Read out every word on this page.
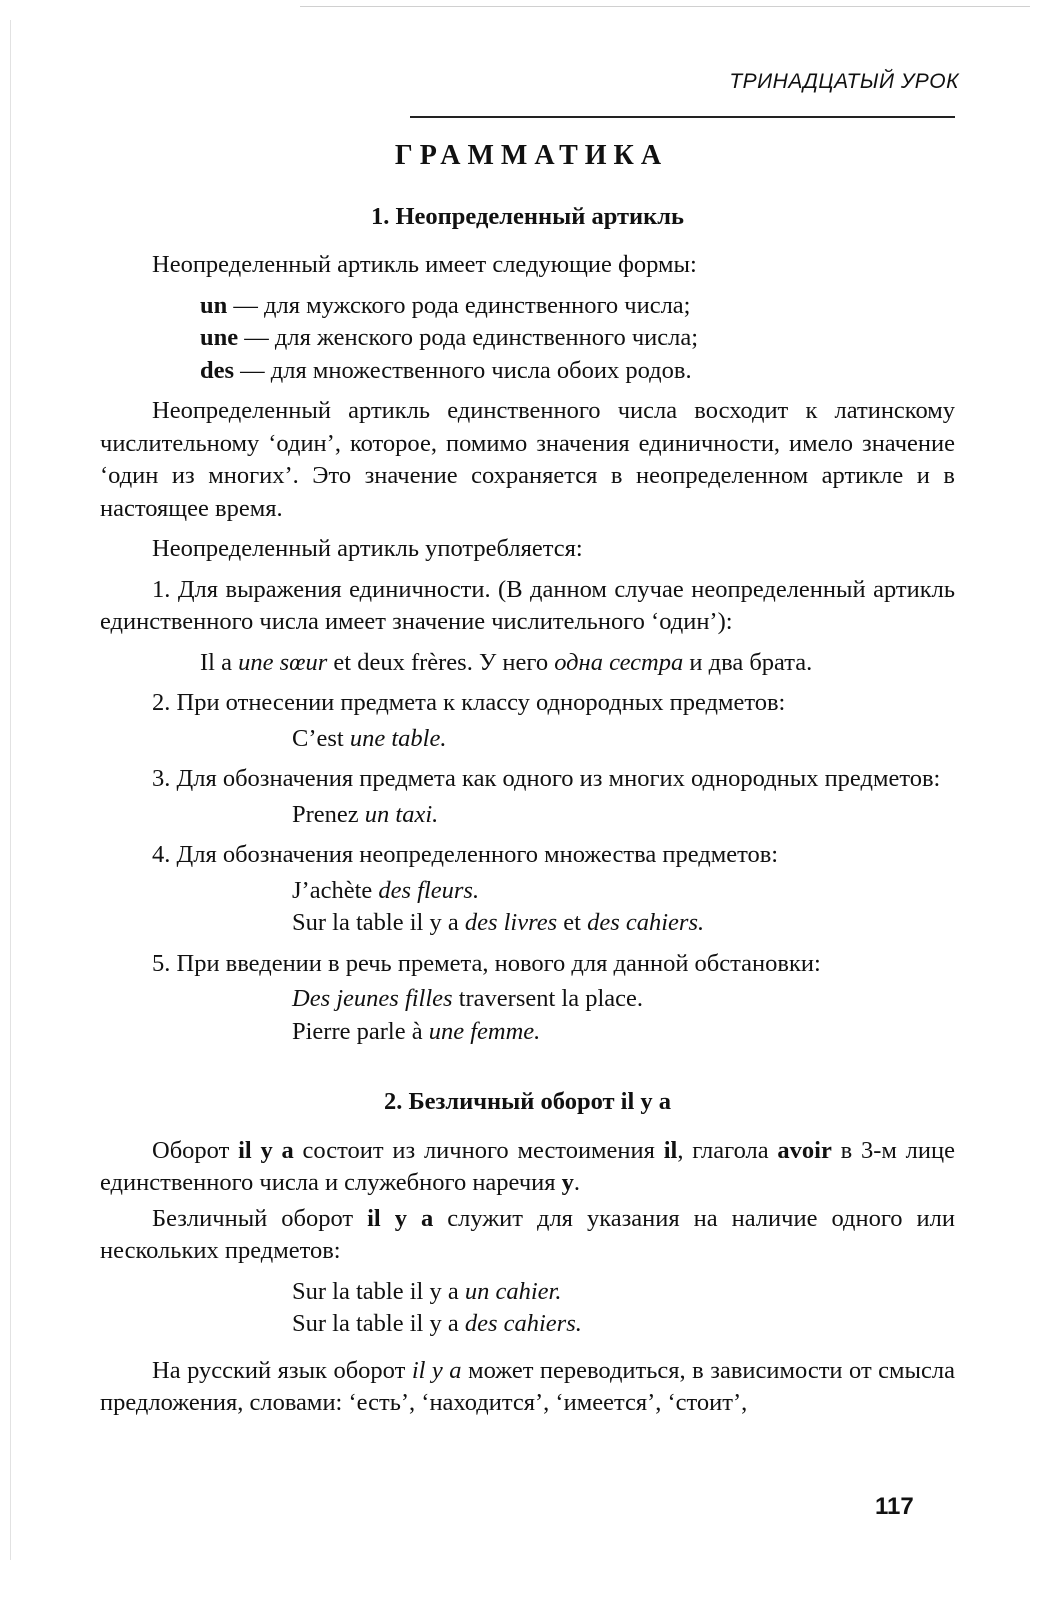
ТРИНАДЦАТЫЙ УРОК
ГРАММАТИКА
1. Неопределенный артикль

Неопределенный артикль имеет следующие формы:

un — для мужского рода единственного числа;

une — для женского рода единственного числа;

des — для множественного числа обоих родов.

Неопределенный артикль единственного числа восходит к латинскому числительному ‘один’, которое, помимо значения единичности, имело значение ‘один из многих’. Это значение сохраняется в неопределенном артикле и в настоящее время.

Неопределенный артикль употребляется:

1. Для выражения единичности. (В данном случае неопределенный артикль единственного числа имеет значение числительного ‘один’):

Il a une sœur et deux frères. У него одна сестра и два брата.

2. При отнесении предмета к классу однородных предметов:

C’est une table.

3. Для обозначения предмета как одного из многих однородных предметов:

Prenez un taxi.

4. Для обозначения неопределенного множества предметов:

J’achète des fleurs.

Sur la table il y a des livres et des cahiers.

5. При введении в речь премета, нового для данной обстановки:

Des jeunes filles traversent la place.

Pierre parle à une femme.

2. Безличный оборот il y a

Оборот il y a состоит из личного местоимения il, глагола avoir в 3-м лице единственного числа и служебного наречия y.

Безличный оборот il y a служит для указания на наличие одного или нескольких предметов:

Sur la table il y a un cahier.

Sur la table il y a des cahiers.

На русский язык оборот il y a может переводиться, в зависимости от смысла предложения, словами: ‘есть’, ‘находится’, ‘имеется’, ‘стоит’,

117
